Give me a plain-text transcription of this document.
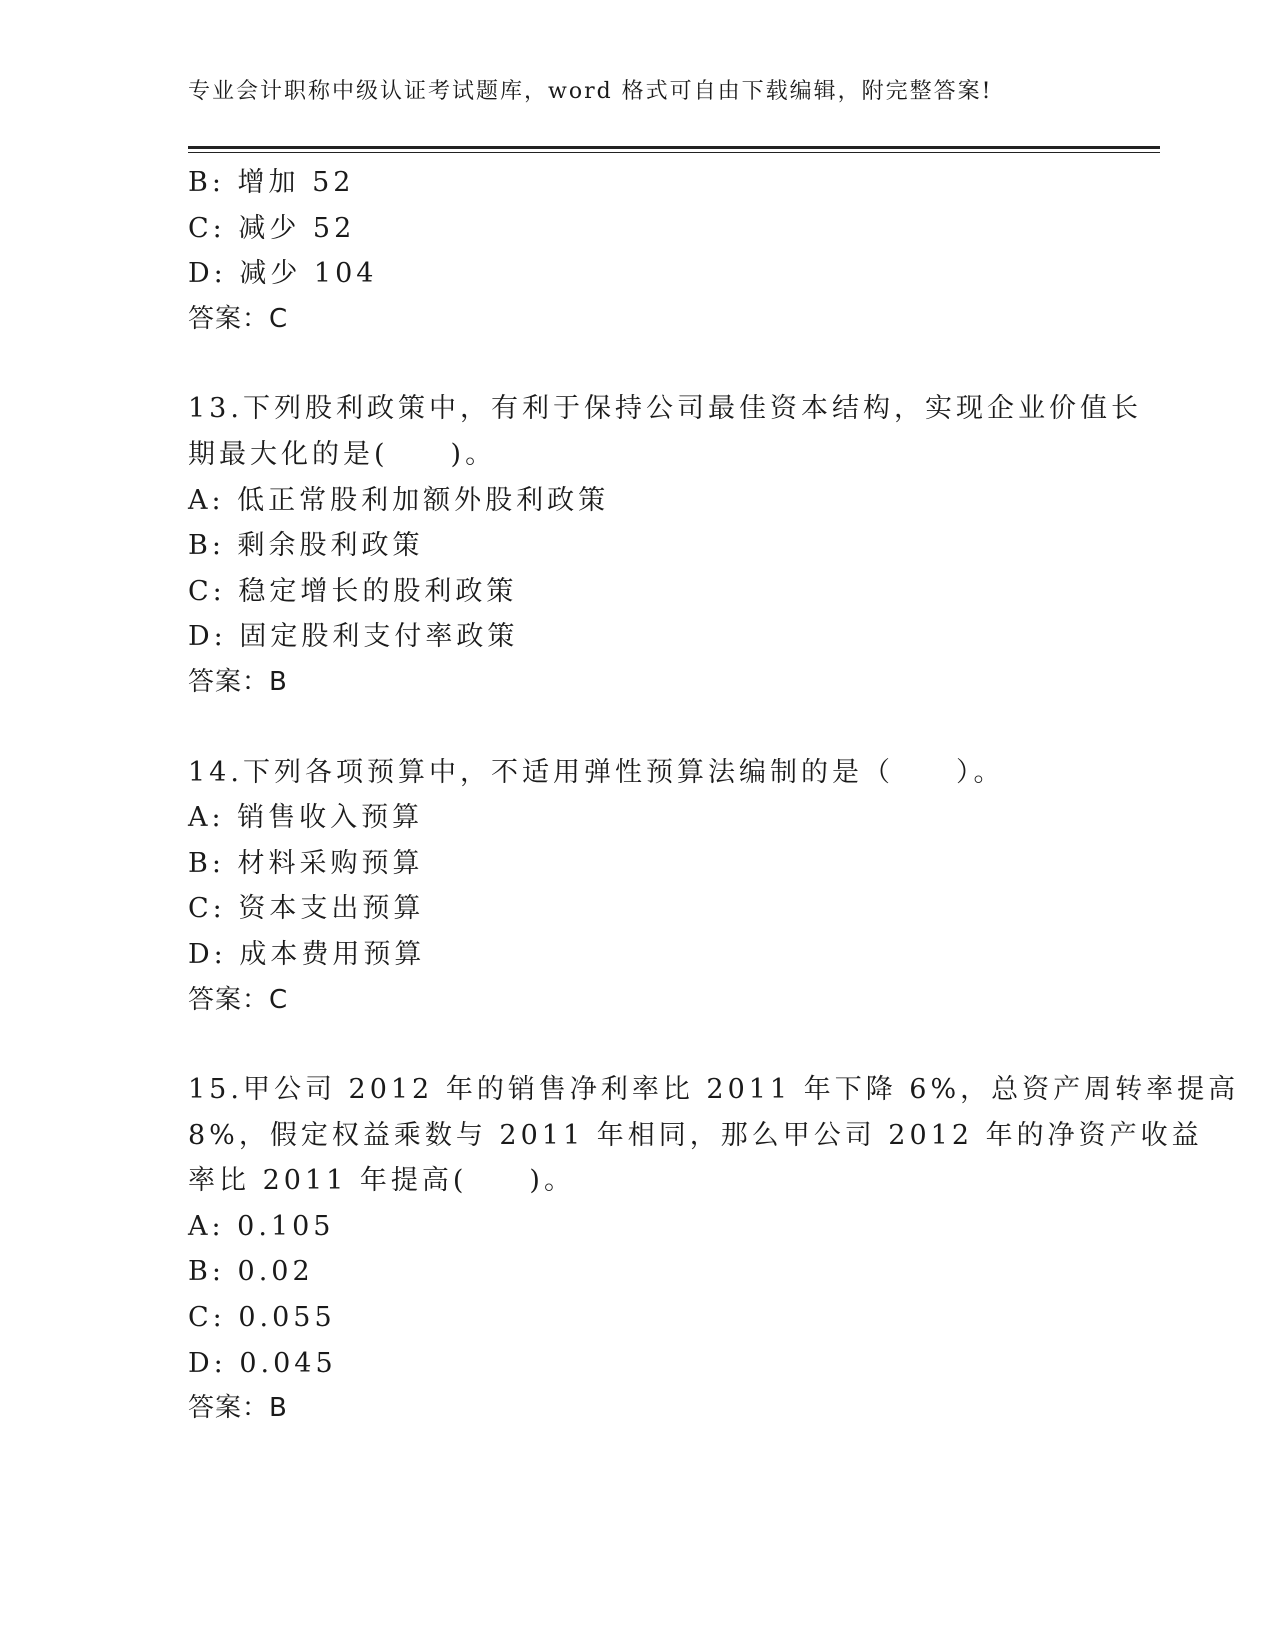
专业会计职称中级认证考试题库，word 格式可自由下载编辑，附完整答案!
B: 增加 52
C: 减少 52
D: 减少 104
答案：C
13.下列股利政策中，有利于保持公司最佳资本结构，实现企业价值长
期最大化的是(　　)。
A: 低正常股利加额外股利政策
B: 剩余股利政策
C: 稳定增长的股利政策
D: 固定股利支付率政策
答案：B
14.下列各项预算中，不适用弹性预算法编制的是（　　）。
A: 销售收入预算
B: 材料采购预算
C: 资本支出预算
D: 成本费用预算
答案：C
15.甲公司 2012 年的销售净利率比 2011 年下降 6%，总资产周转率提高
8%，假定权益乘数与 2011 年相同，那么甲公司 2012 年的净资产收益
率比 2011 年提高(　　)。
A: 0.105
B: 0.02
C: 0.055
D: 0.045
答案：B
